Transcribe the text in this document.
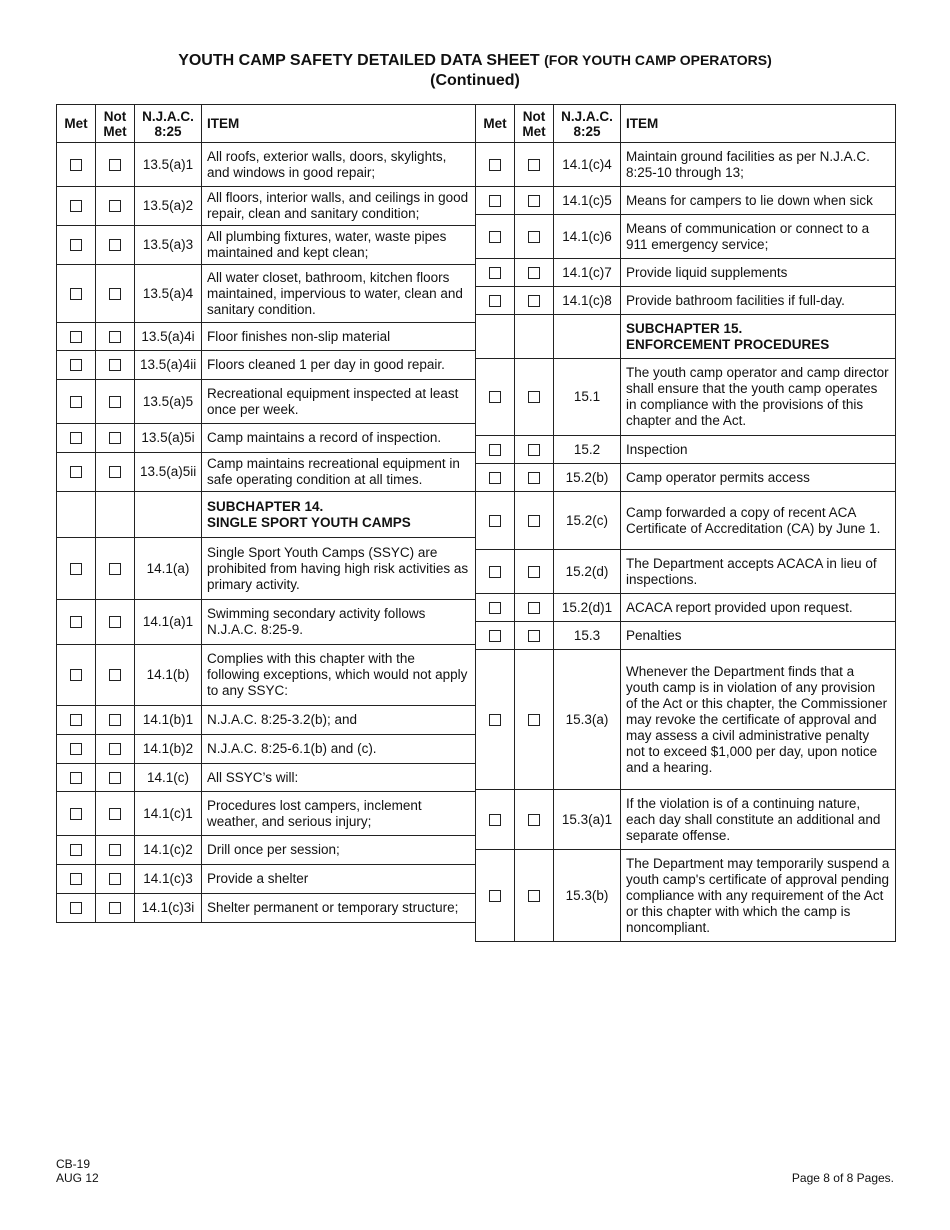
YOUTH CAMP SAFETY DETAILED DATA SHEET (FOR YOUTH CAMP OPERATORS)
(Continued)
Met	Not Met	N.J.A.C. 8:25	ITEM
		13.5(a)1	All roofs, exterior walls, doors, skylights, and windows in good repair;
		13.5(a)2	All floors, interior walls, and ceilings in good repair, clean and sanitary condition;
		13.5(a)3	All plumbing fixtures, water, waste pipes maintained and kept clean;
		13.5(a)4	All water closet, bathroom, kitchen floors maintained, impervious to water, clean and sanitary condition.
		13.5(a)4i	Floor finishes non-slip material
		13.5(a)4ii	Floors cleaned 1 per day in good repair.
		13.5(a)5	Recreational equipment inspected at least once per week.
		13.5(a)5i	Camp maintains a record of inspection.
		13.5(a)5ii	Camp maintains recreational equipment in safe operating condition at all times.

			SUBCHAPTER 14.
SINGLE SPORT YOUTH CAMPS

		14.1(a)	Single Sport Youth Camps (SSYC) are prohibited from having high risk activities as primary activity.
		14.1(a)1	Swimming secondary activity follows N.J.A.C. 8:25-9.
		14.1(b)	Complies with this chapter with the following exceptions, which would not apply to any SSYC:
		14.1(b)1	N.J.A.C. 8:25-3.2(b); and
		14.1(b)2	N.J.A.C. 8:25-6.1(b) and (c).
		14.1(c)	All SSYC’s will:
		14.1(c)1	Procedures lost campers, inclement weather, and serious injury;
		14.1(c)2	Drill once per session;
		14.1(c)3	Provide a shelter
		14.1(c)3i	Shelter permanent or temporary structure;
Met	Not Met	N.J.A.C. 8:25	ITEM
		14.1(c)4	Maintain ground facilities as per N.J.A.C. 8:25-10 through 13;
		14.1(c)5	Means for campers to lie down when sick
		14.1(c)6	Means of communication or connect to a 911 emergency service;
		14.1(c)7	Provide liquid supplements
		14.1(c)8	Provide bathroom facilities if full-day.

			SUBCHAPTER 15.
ENFORCEMENT PROCEDURES

		15.1	The youth camp operator and camp director shall ensure that the youth camp operates in compliance with the provisions of this chapter and the Act.
		15.2	Inspection
		15.2(b)	Camp operator permits access
		15.2(c)	Camp forwarded a copy of recent ACA Certificate of Accreditation (CA) by June 1.
		15.2(d)	The Department accepts ACACA in lieu of inspections.
		15.2(d)1	ACACA report provided upon request.
		15.3	Penalties
		15.3(a)	Whenever the Department finds that a youth camp is in violation of any provision of the Act or this chapter, the Commissioner may revoke the certificate of approval and may assess a civil administrative penalty not to exceed $1,000 per day, upon notice and a hearing.
		15.3(a)1	If the violation is of a continuing nature, each day shall constitute an additional and separate offense.
		15.3(b)	The Department may temporarily suspend a youth camp's certificate of approval pending compliance with any requirement of the Act or this chapter with which the camp is noncompliant.
CB-19
AUG 12	Page 8 of 8 Pages.
